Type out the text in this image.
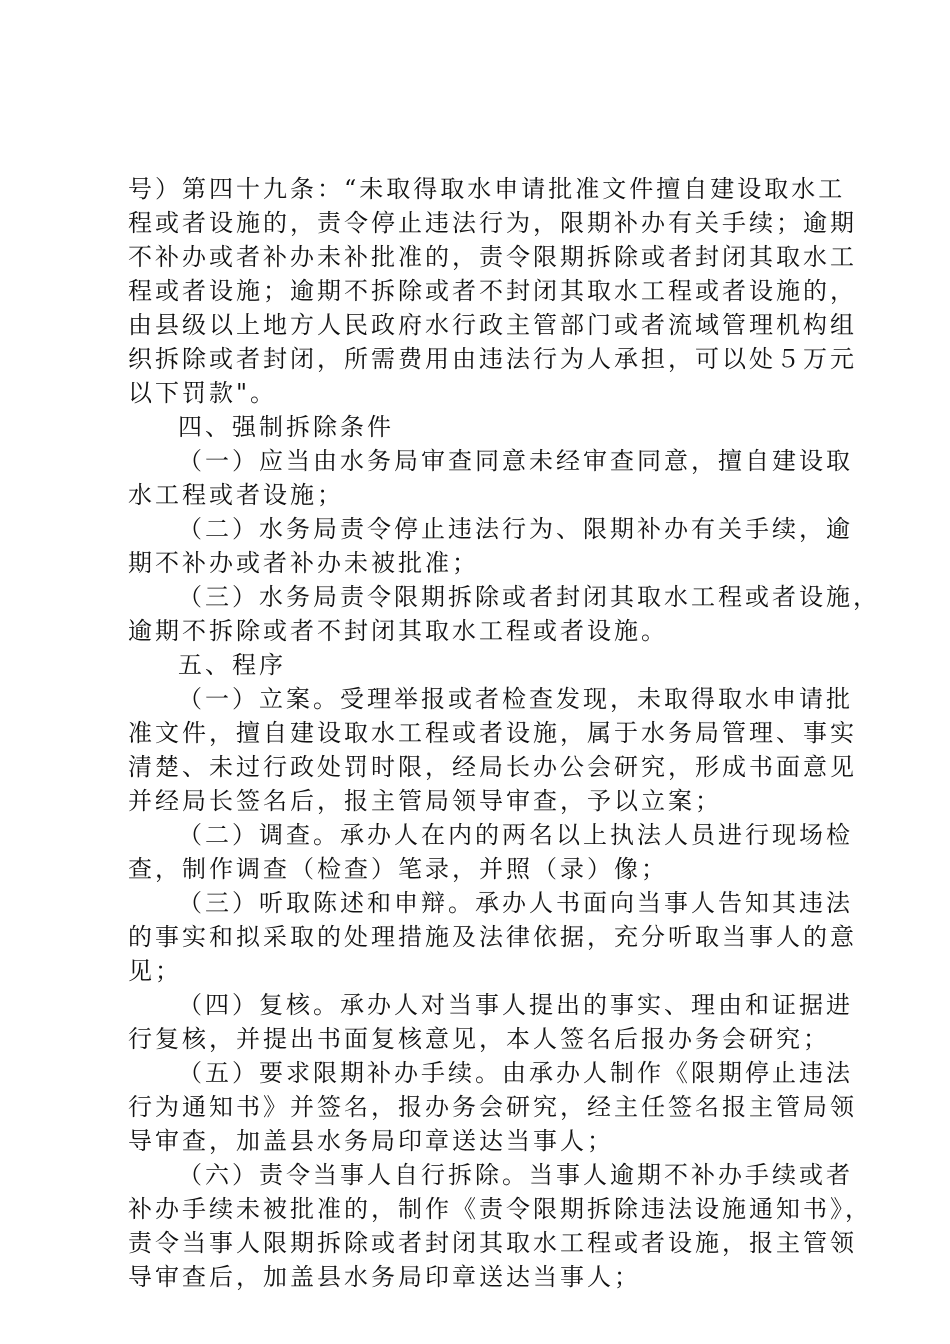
号）第四十九条：“未取得取水申请批准文件擅自建设取水工
程或者设施的，责令停止违法行为，限期补办有关手续；逾期
不补办或者补办未补批准的，责令限期拆除或者封闭其取水工
程或者设施；逾期不拆除或者不封闭其取水工程或者设施的，
由县级以上地方人民政府水行政主管部门或者流域管理机构组
织拆除或者封闭，所需费用由违法行为人承担，可以处５万元
以下罚款"。
四、强制拆除条件
（一）应当由水务局审查同意未经审查同意，擅自建设取
水工程或者设施；
（二）水务局责令停止违法行为、限期补办有关手续，逾
期不补办或者补办未被批准；
（三）水务局责令限期拆除或者封闭其取水工程或者设施，
逾期不拆除或者不封闭其取水工程或者设施。
五、程序
（一）立案。受理举报或者检查发现，未取得取水申请批
准文件，擅自建设取水工程或者设施，属于水务局管理、事实
清楚、未过行政处罚时限，经局长办公会研究，形成书面意见
并经局长签名后，报主管局领导审查，予以立案；
（二）调查。承办人在内的两名以上执法人员进行现场检
查，制作调查（检查）笔录，并照（录）像；
（三）听取陈述和申辩。承办人书面向当事人告知其违法
的事实和拟采取的处理措施及法律依据，充分听取当事人的意
见；
（四）复核。承办人对当事人提出的事实、理由和证据进
行复核，并提出书面复核意见，本人签名后报办务会研究；
（五）要求限期补办手续。由承办人制作《限期停止违法
行为通知书》并签名，报办务会研究，经主任签名报主管局领
导审查，加盖县水务局印章送达当事人；
（六）责令当事人自行拆除。当事人逾期不补办手续或者
补办手续未被批准的，制作《责令限期拆除违法设施通知书》，
责令当事人限期拆除或者封闭其取水工程或者设施，报主管领
导审查后，加盖县水务局印章送达当事人；
